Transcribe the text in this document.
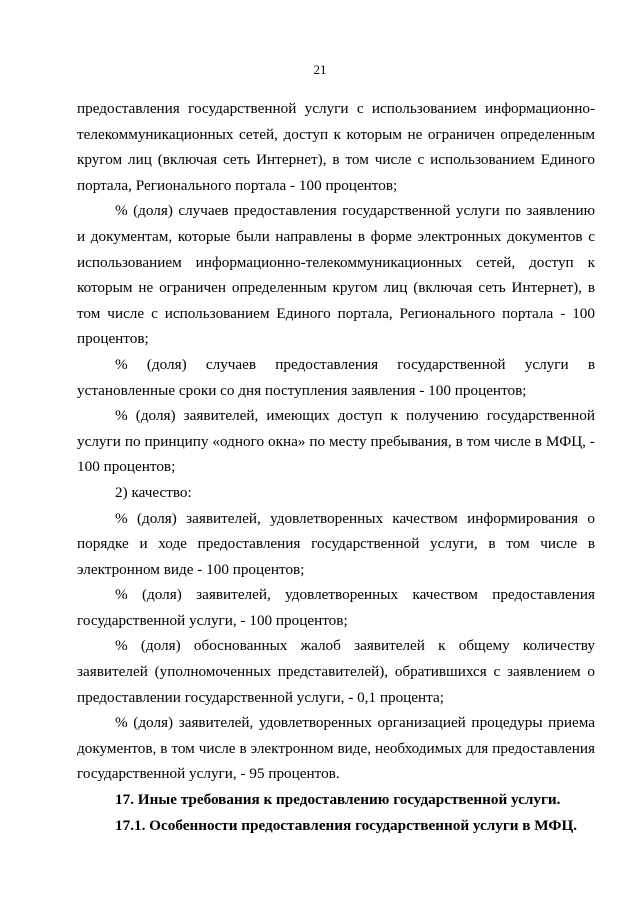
21

предоставления государственной услуги с использованием информационно-телекоммуникационных сетей, доступ к которым не ограничен определенным кругом лиц (включая сеть Интернет), в том числе с использованием Единого портала, Регионального портала - 100 процентов;

% (доля) случаев предоставления государственной услуги по заявлению и документам, которые были направлены в форме электронных документов с использованием информационно-телекоммуникационных сетей, доступ к которым не ограничен определенным кругом лиц (включая сеть Интернет), в том числе с использованием Единого портала, Регионального портала - 100 процентов;

% (доля) случаев предоставления государственной услуги в установленные сроки со дня поступления заявления - 100 процентов;

% (доля) заявителей, имеющих доступ к получению государственной услуги по принципу «одного окна» по месту пребывания, в том числе в МФЦ, - 100 процентов;

2) качество:

% (доля) заявителей, удовлетворенных качеством информирования о порядке и ходе предоставления государственной услуги, в том числе в электронном виде - 100 процентов;

% (доля) заявителей, удовлетворенных качеством предоставления государственной услуги, - 100 процентов;

% (доля) обоснованных жалоб заявителей к общему количеству заявителей (уполномоченных представителей), обратившихся с заявлением о предоставлении государственной услуги, - 0,1 процента;

% (доля) заявителей, удовлетворенных организацией процедуры приема документов, в том числе в электронном виде, необходимых для предоставления государственной услуги, - 95 процентов.

17. Иные требования к предоставлению государственной услуги.

17.1. Особенности предоставления государственной услуги в МФЦ.
